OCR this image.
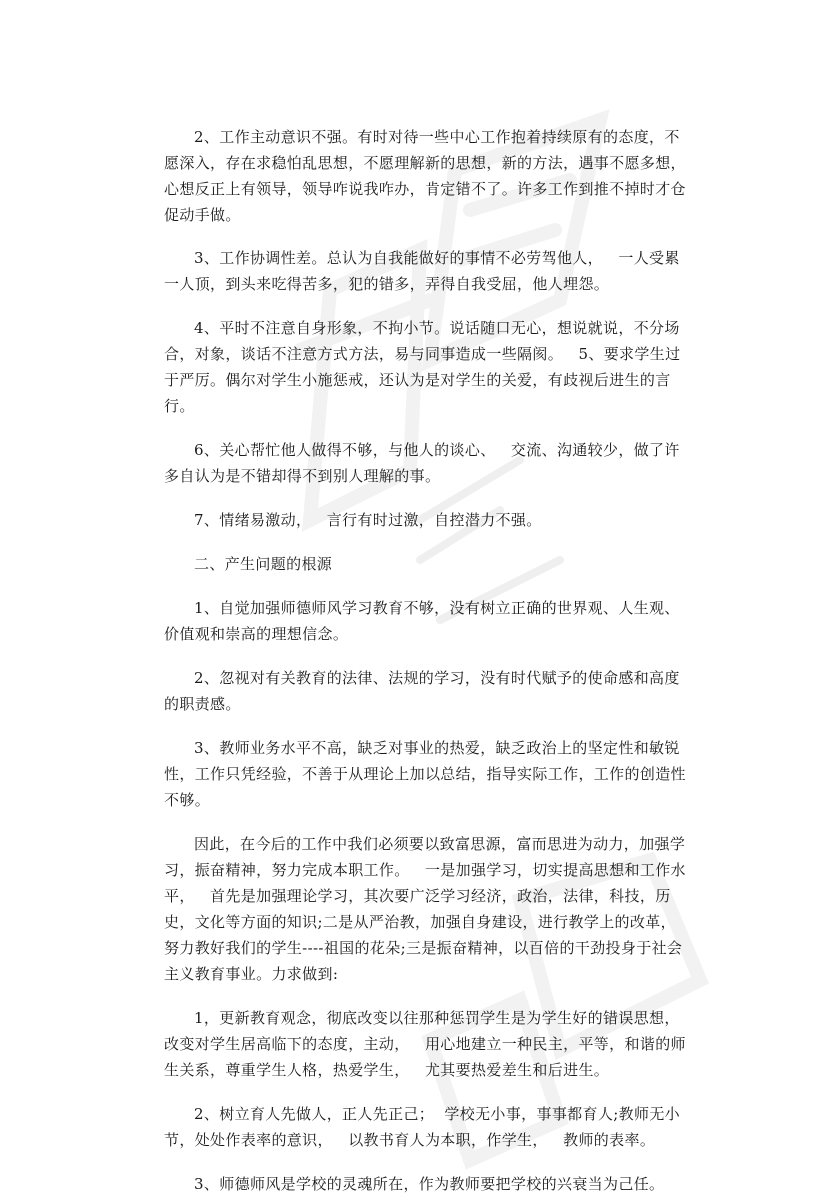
2、工作主动意识不强。有时对待一些中心工作抱着持续原有的态度，不愿深入，存在求稳怕乱思想，不愿理解新的思想，新的方法，遇事不愿多想，心想反正上有领导，领导咋说我咋办，肯定错不了。许多工作到推不掉时才仓促动手做。

3、工作协调性差。总认为自我能做好的事情不必劳驾他人，   一人受累一人顶，到头来吃得苦多，犯的错多，弄得自我受屈，他人埋怨。

4、平时不注意自身形象，不拘小节。说话随口无心，想说就说，不分场合，对象，谈话不注意方式方法，易与同事造成一些隔阂。   5、要求学生过于严厉。偶尔对学生小施惩戒，还认为是对学生的关爱，有歧视后进生的言行。

6、关心帮忙他人做得不够，与他人的谈心、   交流、沟通较少，做了许多自认为是不错却得不到别人理解的事。

7、情绪易激动，   言行有时过激，自控潜力不强。

二、产生问题的根源

1、自觉加强师德师风学习教育不够，没有树立正确的世界观、人生观、价值观和崇高的理想信念。

2、忽视对有关教育的法律、法规的学习，没有时代赋予的使命感和高度的职责感。

3、教师业务水平不高，缺乏对事业的热爱，缺乏政治上的坚定性和敏锐性，工作只凭经验，不善于从理论上加以总结，指导实际工作，工作的创造性不够。

因此，在今后的工作中我们必须要以致富思源，富而思进为动力，加强学习，振奋精神，努力完成本职工作。   一是加强学习，切实提高思想和工作水平，   首先是加强理论学习，其次要广泛学习经济，政治，法律，科技，历史，文化等方面的知识;二是从严治教，加强自身建设，进行教学上的改革，努力教好我们的学生----祖国的花朵;三是振奋精神，以百倍的干劲投身于社会主义教育事业。力求做到:

1，更新教育观念，彻底改变以往那种惩罚学生是为学生好的错误思想，   改变对学生居高临下的态度，主动，   用心地建立一种民主，平等，和谐的师生关系，尊重学生人格，热爱学生，   尤其要热爱差生和后进生。

2、树立育人先做人，正人先正己；  学校无小事，事事都育人;教师无小节，处处作表率的意识，   以教书育人为本职，作学生，   教师的表率。

3、师德师风是学校的灵魂所在，作为教师要把学校的兴衰当为己任。
